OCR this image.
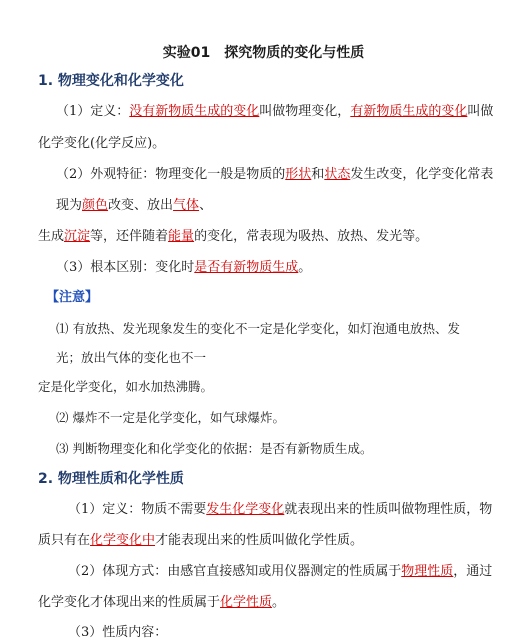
实验01　探究物质的变化与性质
1. 物理变化和化学变化
（1）定义：没有新物质生成的变化叫做物理变化，有新物质生成的变化叫做
化学变化(化学反应)。
（2）外观特征：物理变化一般是物质的形状和状态发生改变，化学变化常表
现为颜色改变、放出气体、
生成沉淀等，还伴随着能量的变化，常表现为吸热、放热、发光等。
（3）根本区别：变化时是否有新物质生成。
【注意】
⑴ 有放热、发光现象发生的变化不一定是化学变化，如灯泡通电放热、发
光；放出气体的变化也不一
定是化学变化，如水加热沸腾。
⑵ 爆炸不一定是化学变化，如气球爆炸。
⑶ 判断物理变化和化学变化的依据：是否有新物质生成。
2. 物理性质和化学性质
（1）定义：物质不需要发生化学变化就表现出来的性质叫做物理性质，物
质只有在化学变化中才能表现出来的性质叫做化学性质。
（2）体现方式：由感官直接感知或用仪器测定的性质属于物理性质，通过
化学变化才体现出来的性质属于化学性质。
（3）性质内容：
